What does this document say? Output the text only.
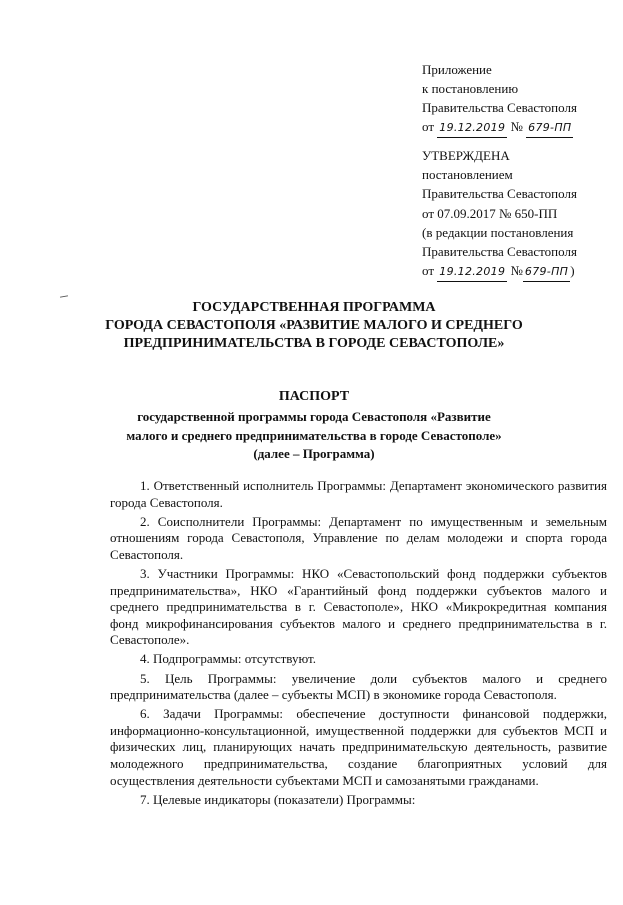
Приложение
к постановлению
Правительства Севастополя
от 19.12.2019 № 679-ПП
УТВЕРЖДЕНА
постановлением
Правительства Севастополя
от 07.09.2017 № 650-ПП
(в редакции постановления
Правительства Севастополя
от 19.12.2019 № 679-ПП )
ГОСУДАРСТВЕННАЯ ПРОГРАММА
ГОРОДА СЕВАСТОПОЛЯ «РАЗВИТИЕ МАЛОГО И СРЕДНЕГО
ПРЕДПРИНИМАТЕЛЬСТВА В ГОРОДЕ СЕВАСТОПОЛЕ»
ПАСПОРТ
государственной программы города Севастополя «Развитие
малого и среднего предпринимательства в городе Севастополе»
(далее – Программа)

1. Ответственный исполнитель Программы: Департамент экономического развития города Севастополя.

2. Соисполнители Программы: Департамент по имущественным и земельным отношениям города Севастополя, Управление по делам молодежи и спорта города Севастополя.

3. Участники Программы: НКО «Севастопольский фонд поддержки субъектов предпринимательства», НКО «Гарантийный фонд поддержки субъектов малого и среднего предпринимательства в г. Севастополе», НКО «Микрокредитная компания фонд микрофинансирования субъектов малого и среднего предпринимательства в г. Севастополе».

4. Подпрограммы: отсутствуют.

5. Цель Программы: увеличение доли субъектов малого и среднего предпринимательства (далее – субъекты МСП) в экономике города Севастополя.

6. Задачи Программы: обеспечение доступности финансовой поддержки, информационно-консультационной, имущественной поддержки для субъектов МСП и физических лиц, планирующих начать предпринимательскую деятельность, развитие молодежного предпринимательства, создание благоприятных условий для осуществления деятельности субъектами МСП и самозанятыми гражданами.

7. Целевые индикаторы (показатели) Программы:
